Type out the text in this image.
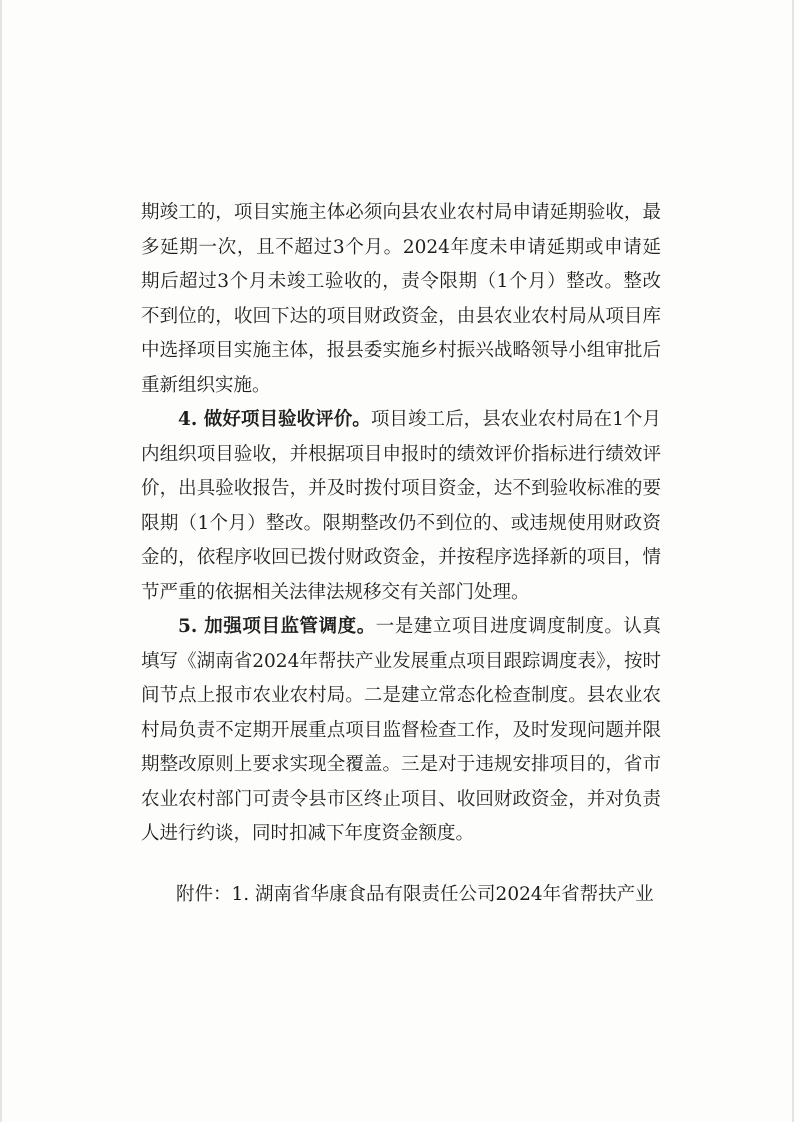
期竣工的，项目实施主体必须向县农业农村局申请延期验收，最多延期一次，且不超过3个月。2024年度未申请延期或申请延期后超过3个月未竣工验收的，责令限期（1个月）整改。整改不到位的，收回下达的项目财政资金，由县农业农村局从项目库中选择项目实施主体，报县委实施乡村振兴战略领导小组审批后重新组织实施。

4. 做好项目验收评价。项目竣工后，县农业农村局在1个月内组织项目验收，并根据项目申报时的绩效评价指标进行绩效评价，出具验收报告，并及时拨付项目资金，达不到验收标准的要限期（1个月）整改。限期整改仍不到位的、或违规使用财政资金的，依程序收回已拨付财政资金，并按程序选择新的项目，情节严重的依据相关法律法规移交有关部门处理。

5. 加强项目监管调度。一是建立项目进度调度制度。认真填写《湖南省2024年帮扶产业发展重点项目跟踪调度表》，按时间节点上报市农业农村局。二是建立常态化检查制度。县农业农村局负责不定期开展重点项目监督检查工作，及时发现问题并限期整改原则上要求实现全覆盖。三是对于违规安排项目的，省市农业农村部门可责令县市区终止项目、收回财政资金，并对负责人进行约谈，同时扣减下年度资金额度。

附件：1. 湖南省华康食品有限责任公司2024年省帮扶产业
